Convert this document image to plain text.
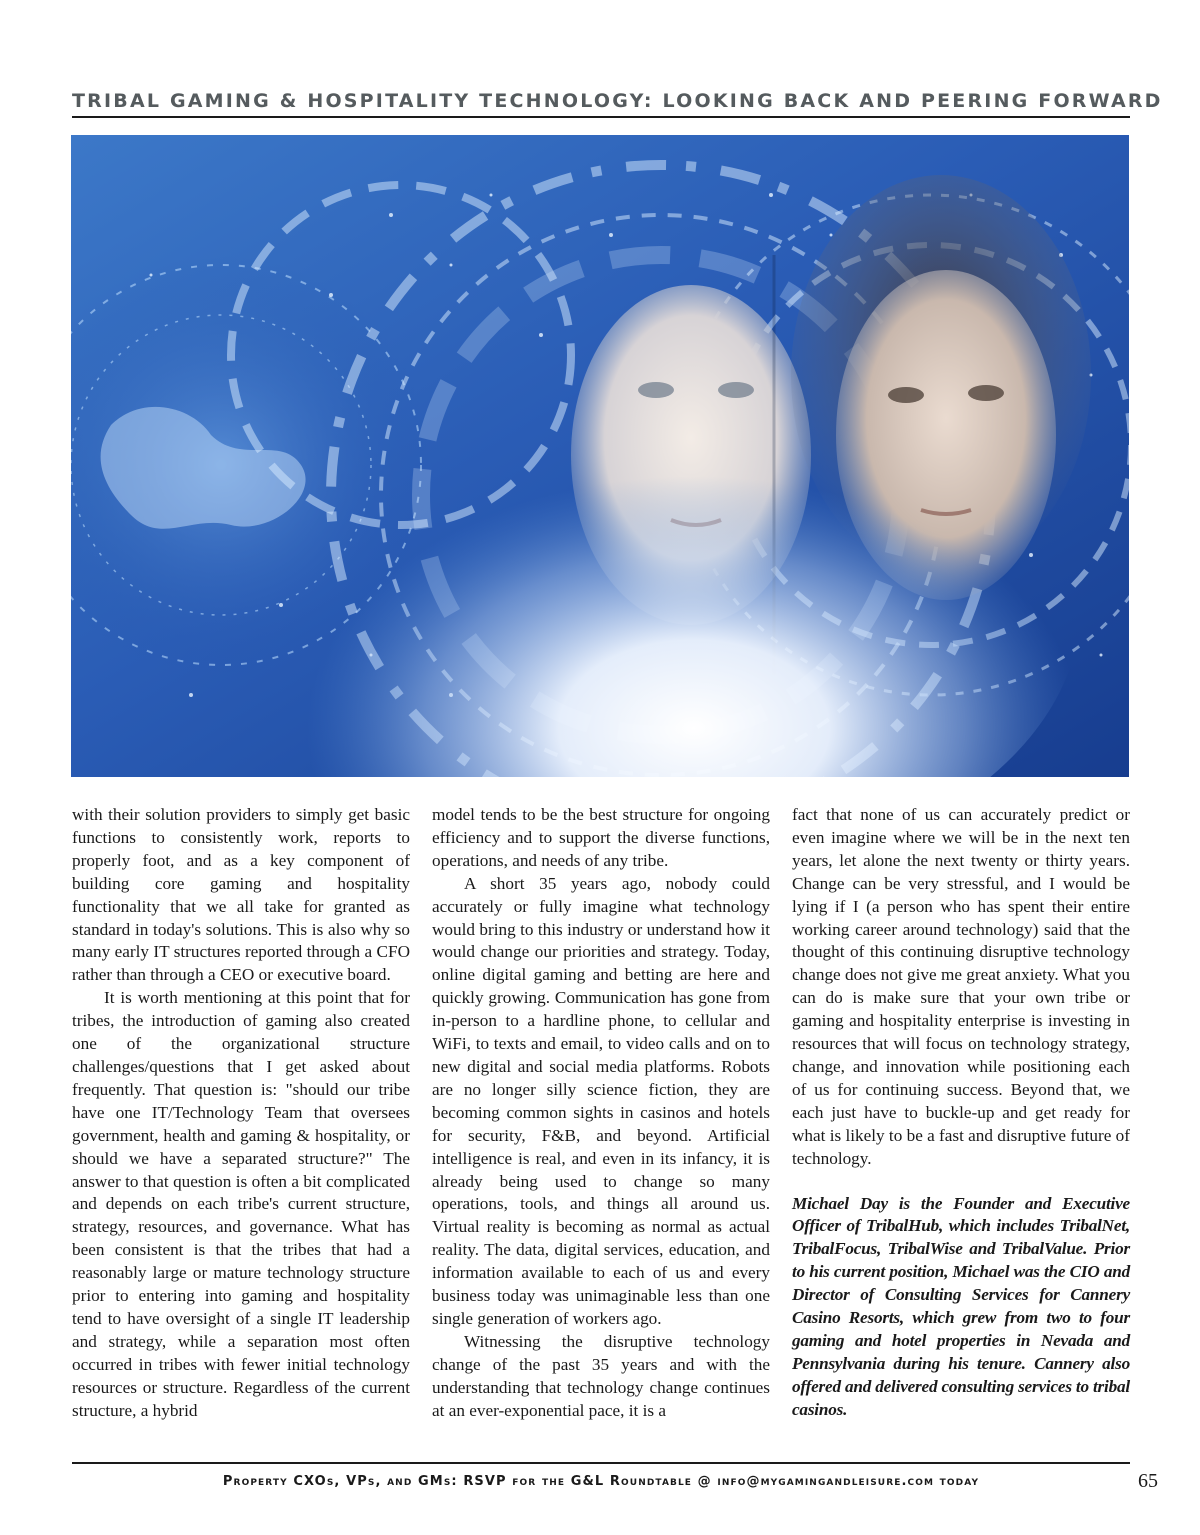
TRIBAL GAMING & HOSPITALITY TECHNOLOGY: LOOKING BACK AND PEERING FORWARD

with their solution providers to simply get basic functions to consistently work, reports to properly foot, and as a key component of building core gaming and hospitality functionality that we all take for granted as standard in today's solutions. This is also why so many early IT structures reported through a CFO rather than through a CEO or executive board.

It is worth mentioning at this point that for tribes, the introduction of gaming also created one of the organizational structure challenges/questions that I get asked about frequently. That question is: "should our tribe have one IT/Technology Team that oversees government, health and gaming & hospitality, or should we have a separated structure?" The answer to that question is often a bit complicated and depends on each tribe's current structure, strategy, resources, and governance. What has been consistent is that the tribes that had a reasonably large or mature technology structure prior to entering into gaming and hospitality tend to have oversight of a single IT leadership and strategy, while a separation most often occurred in tribes with fewer initial technology resources or structure. Regardless of the current structure, a hybrid

model tends to be the best structure for ongoing efficiency and to support the diverse functions, operations, and needs of any tribe.

A short 35 years ago, nobody could accurately or fully imagine what technology would bring to this industry or understand how it would change our priorities and strategy. Today, online digital gaming and betting are here and quickly growing. Communication has gone from in-person to a hardline phone, to cellular and WiFi, to texts and email, to video calls and on to new digital and social media platforms. Robots are no longer silly science fiction, they are becoming common sights in casinos and hotels for security, F&B, and beyond. Artificial intelligence is real, and even in its infancy, it is already being used to change so many operations, tools, and things all around us. Virtual reality is becoming as normal as actual reality. The data, digital services, education, and information available to each of us and every business today was unimaginable less than one single generation of workers ago.

Witnessing the disruptive technology change of the past 35 years and with the understanding that technology change continues at an ever-exponential pace, it is a

fact that none of us can accurately predict or even imagine where we will be in the next ten years, let alone the next twenty or thirty years. Change can be very stressful, and I would be lying if I (a person who has spent their entire working career around technology) said that the thought of this continuing disruptive technology change does not give me great anxiety. What you can do is make sure that your own tribe or gaming and hospitality enterprise is investing in resources that will focus on technology strategy, change, and innovation while positioning each of us for continuing success. Beyond that, we each just have to buckle-up and get ready for what is likely to be a fast and disruptive future of technology.

Michael Day is the Founder and Executive Officer of TribalHub, which includes TribalNet, TribalFocus, TribalWise and TribalValue. Prior to his current position, Michael was the CIO and Director of Consulting Services for Cannery Casino Resorts, which grew from two to four gaming and hotel properties in Nevada and Pennsylvania during his tenure. Cannery also offered and delivered consulting services to tribal casinos.

Property CXOs, VPs, and GMs: RSVP for the G&L Roundtable @ info@mygamingandleisure.com today	65
